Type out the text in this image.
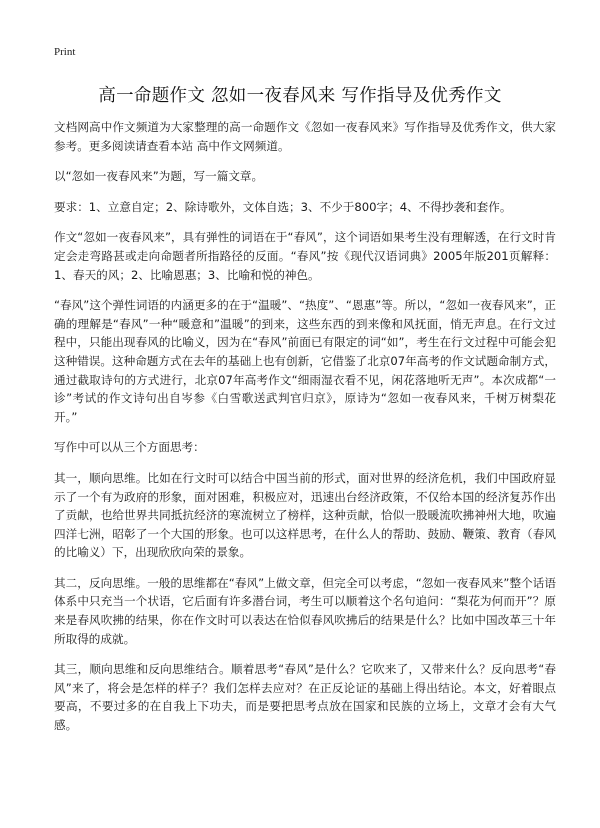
Print
高一命题作文 忽如一夜春风来 写作指导及优秀作文

文档网高中作文频道为大家整理的高一命题作文《忽如一夜春风来》写作指导及优秀作文，供大家参考。更多阅读请查看本站 高中作文网频道。

以“忽如一夜春风来”为题，写一篇文章。

要求：1、立意自定；2、除诗歌外，文体自选；3、不少于800字；4、不得抄袭和套作。

作文“忽如一夜春风来”，具有弹性的词语在于“春风”，这个词语如果考生没有理解透，在行文时肯定会走弯路甚或走向命题者所指路径的反面。“春风”按《现代汉语词典》2005年版201页解释：1、春天的风；2、比喻恩惠；3、比喻和悦的神色。

“春风”这个弹性词语的内涵更多的在于“温暖”、“热度”、“恩惠”等。所以，“忽如一夜春风来”，正确的理解是“春风”一种“暖意和”温暖”的到来，这些东西的到来像和风抚面，悄无声息。在行文过程中，只能出现春风的比喻义，因为在“春风”前面已有限定的词“如”，考生在行文过程中可能会犯这种错误。这种命题方式在去年的基础上也有创新，它借鉴了北京07年高考的作文试题命制方式，通过截取诗句的方式进行，北京07年高考作文“细雨湿衣看不见，闲花落地听无声”。本次成都“一诊”考试的作文诗句出自岑参《白雪歌送武判官归京》，原诗为“忽如一夜春风来，千树万树梨花开。”

写作中可以从三个方面思考：

其一，顺向思维。比如在行文时可以结合中国当前的形式，面对世界的经济危机，我们中国政府显示了一个有为政府的形象，面对困难，积极应对，迅速出台经济政策，不仅给本国的经济复苏作出了贡献，也给世界共同抵抗经济的寒流树立了榜样，这种贡献，恰似一股暖流吹拂神州大地，吹遍四洋七洲，昭彰了一个大国的形象。也可以这样思考，在什么人的帮助、鼓励、鞭策、教育（春风的比喻义）下，出现欣欣向荣的景象。

其二，反向思维。一般的思维都在“春风”上做文章，但完全可以考虑，“忽如一夜春风来”整个话语体系中只充当一个状语，它后面有许多潜台词，考生可以顺着这个名句追问：“梨花为何而开”？原来是春风吹拂的结果，你在作文时可以表达在恰似春风吹拂后的结果是什么？比如中国改革三十年所取得的成就。

其三，顺向思维和反向思维结合。顺着思考“春风”是什么？它吹来了，又带来什么？反向思考“春风”来了，将会是怎样的样子？我们怎样去应对？在正反论证的基础上得出结论。本文，好着眼点要高，不要过多的在自我上下功夫，而是要把思考点放在国家和民族的立场上，文章才会有大气感。
